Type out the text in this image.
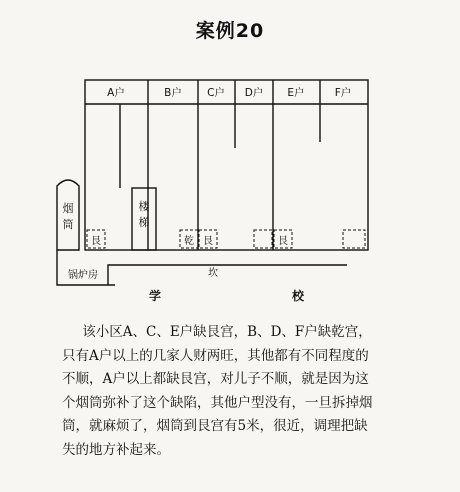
案例20
A户	B户 C户 D户 E户	F户
烟筒
楼梯
艮	乾 艮	艮
坎
锅炉房
学	校

该小区A、C、E户缺艮宫，B、D、F户缺乾宫，
只有A户以上的几家人财两旺，其他都有不同程度的
不顺，A户以上都缺艮宫，对儿子不顺，就是因为这
个烟筒弥补了这个缺陷，其他户型没有，一旦拆掉烟
筒，就麻烦了，烟筒到艮宫有5米，很近，调理把缺
失的地方补起来。
